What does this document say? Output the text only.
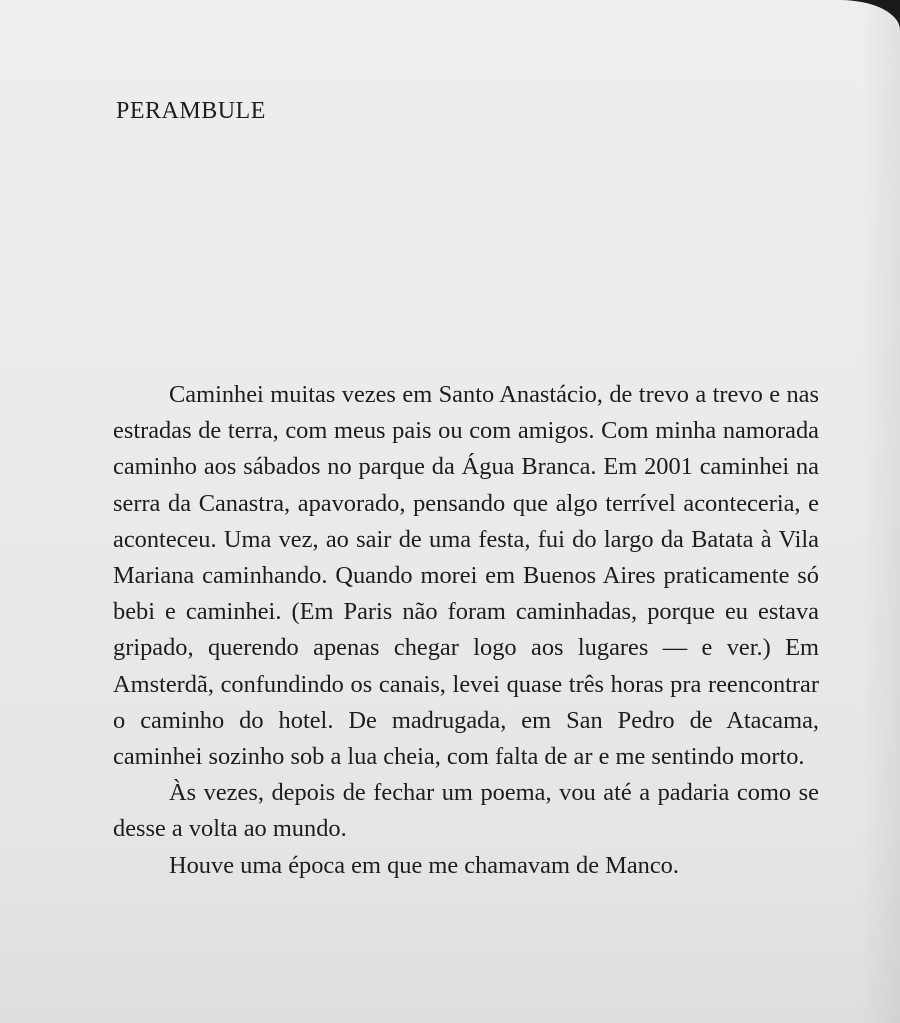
PERAMBULE

Caminhei muitas vezes em Santo Anastácio, de trevo a trevo e nas estradas de terra, com meus pais ou com amigos. Com minha namorada caminho aos sábados no parque da Água Branca. Em 2001 caminhei na serra da Canastra, apavorado, pensando que algo terrível aconteceria, e aconteceu. Uma vez, ao sair de uma festa, fui do largo da Batata à Vila Mariana caminhando. Quando morei em Buenos Aires praticamente só bebi e caminhei. (Em Paris não foram caminhadas, porque eu estava gripado, querendo apenas chegar logo aos lugares — e ver.) Em Amsterdã, confundindo os canais, levei quase três horas pra reencontrar o caminho do hotel. De madrugada, em San Pedro de Atacama, caminhei sozinho sob a lua cheia, com falta de ar e me sentindo morto.

Às vezes, depois de fechar um poema, vou até a padaria como se desse a volta ao mundo.

Houve uma época em que me chamavam de Manco.
